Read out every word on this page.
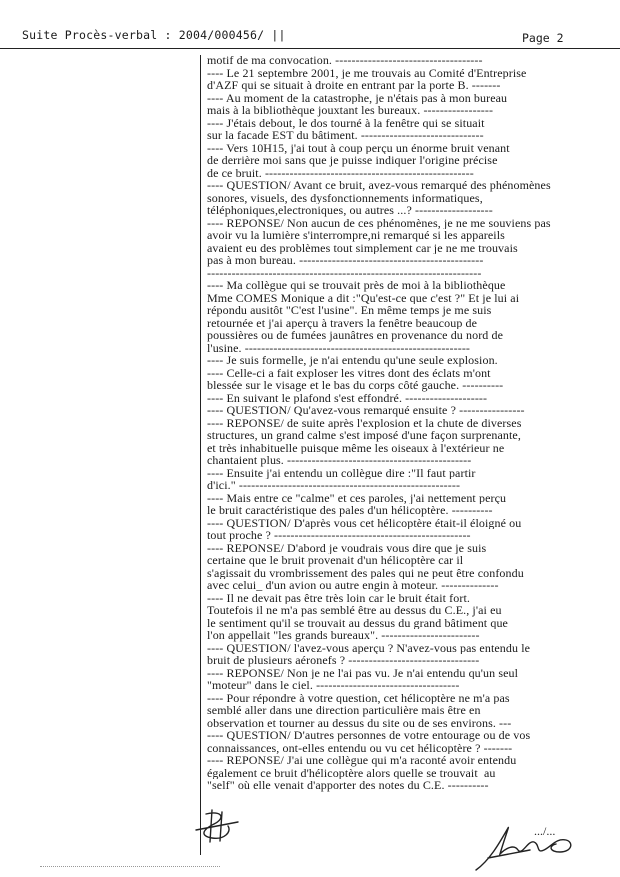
Suite Procès-verbal : 2004/000456/ ||	Page 2
motif de ma convocation. ------------------------------------
---- Le 21 septembre 2001, je me trouvais au Comité d'Entreprise
d'AZF qui se situait à droite en entrant par la porte B. -------
---- Au moment de la catastrophe, je n'étais pas à mon bureau
mais à la bibliothèque jouxtant les bureaux. -----------------
---- J'étais debout, le dos tourné à la fenêtre qui se situait
sur la facade EST du bâtiment. ------------------------------
---- Vers 10H15, j'ai tout à coup perçu un énorme bruit venant
de derrière moi sans que je puisse indiquer l'origine précise
de ce bruit. ---------------------------------------------------
---- QUESTION/ Avant ce bruit, avez-vous remarqué des phénomènes
sonores, visuels, des dysfonctionnements informatiques,
téléphoniques,electroniques, ou autres ...? -------------------
---- REPONSE/ Non aucun de ces phénomènes, je ne me souviens pas
avoir vu la lumière s'interrompre,ni remarqué si les appareils
avaient eu des problèmes tout simplement car je ne me trouvais
pas à mon bureau. ---------------------------------------------
-------------------------------------------------------------------
---- Ma collègue qui se trouvait près de moi à la bibliothèque
Mme COMES Monique a dit :"Qu'est-ce que c'est ?" Et je lui ai
répondu ausitôt "C'est l'usine". En même temps je me suis
retournée et j'ai aperçu à travers la fenêtre beaucoup de
poussières ou de fumées jaunâtres en provenance du nord de
l'usine. -------------------------------------------------------
---- Je suis formelle, je n'ai entendu qu'une seule explosion.
---- Celle-ci a fait exploser les vitres dont des éclats m'ont
blessée sur le visage et le bas du corps côté gauche. ----------
---- En suivant le plafond s'est effondré. --------------------
---- QUESTION/ Qu'avez-vous remarqué ensuite ? ----------------
---- REPONSE/ de suite après l'explosion et la chute de diverses
structures, un grand calme s'est imposé d'une façon surprenante,
et très inhabituelle puisque même les oiseaux à l'extérieur ne
chantaient plus. ---------------------------------------------
---- Ensuite j'ai entendu un collègue dire :"Il faut partir
d'ici." ------------------------------------------------------
---- Mais entre ce "calme" et ces paroles, j'ai nettement perçu
le bruit caractéristique des pales d'un hélicoptère. ----------
---- QUESTION/ D'après vous cet hélicoptère était-il éloigné ou
tout proche ? ------------------------------------------------
---- REPONSE/ D'abord je voudrais vous dire que je suis
certaine que le bruit provenait d'un hélicoptère car il
s'agissait du vrombrissement des pales qui ne peut être confondu
avec celui_ d'un avion ou autre engin à moteur. --------------
---- Il ne devait pas être très loin car le bruit était fort.
Toutefois il ne m'a pas semblé être au dessus du C.E., j'ai eu
le sentiment qu'il se trouvait au dessus du grand bâtiment que
l'on appellait "les grands bureaux". ------------------------
---- QUESTION/ l'avez-vous aperçu ? N'avez-vous pas entendu le
bruit de plusieurs aéronefs ? --------------------------------
---- REPONSE/ Non je ne l'ai pas vu. Je n'ai entendu qu'un seul
"moteur" dans le ciel. -----------------------------------
---- Pour répondre à votre question, cet hélicoptère ne m'a pas
semblé aller dans une direction particulière mais être en
observation et tourner au dessus du site ou de ses environs. ---
---- QUESTION/ D'autres personnes de votre entourage ou de vos
connaissances, ont-elles entendu ou vu cet hélicoptère ? -------
---- REPONSE/ J'ai une collègue qui m'a raconté avoir entendu
également ce bruit d'hélicoptère alors quelle se trouvait  au
"self" où elle venait d'apporter des notes du C.E. ----------
.../...
